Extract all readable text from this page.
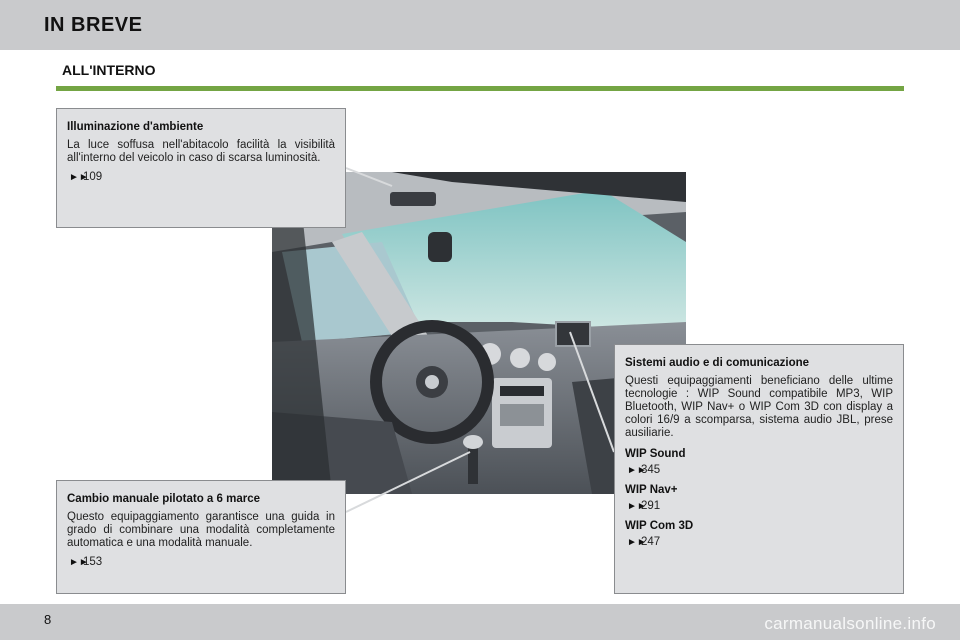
IN BREVE
ALL'INTERNO
Illuminazione d'ambiente

La luce soffusa nell'abitacolo facilità la visibilità all'interno del veicolo in caso di scarsa luminosità.

►►109
Cambio manuale pilotato a 6 marce

Questo equipaggiamento garantisce una guida in grado di combinare una modalità completamente automatica e una modalità manuale.

►►153
Sistemi audio e di comunicazione

Questi equipaggiamenti beneficiano delle ultime tecnologie : WIP Sound compatibile MP3, WIP Bluetooth, WIP Nav+ o WIP Com 3D con display a colori 16/9 a scomparsa, sistema audio JBL, prese ausiliarie.

WIP Sound
►►345
WIP Nav+
►►291
WIP Com 3D
►►247
8	carmanualsonline.info
